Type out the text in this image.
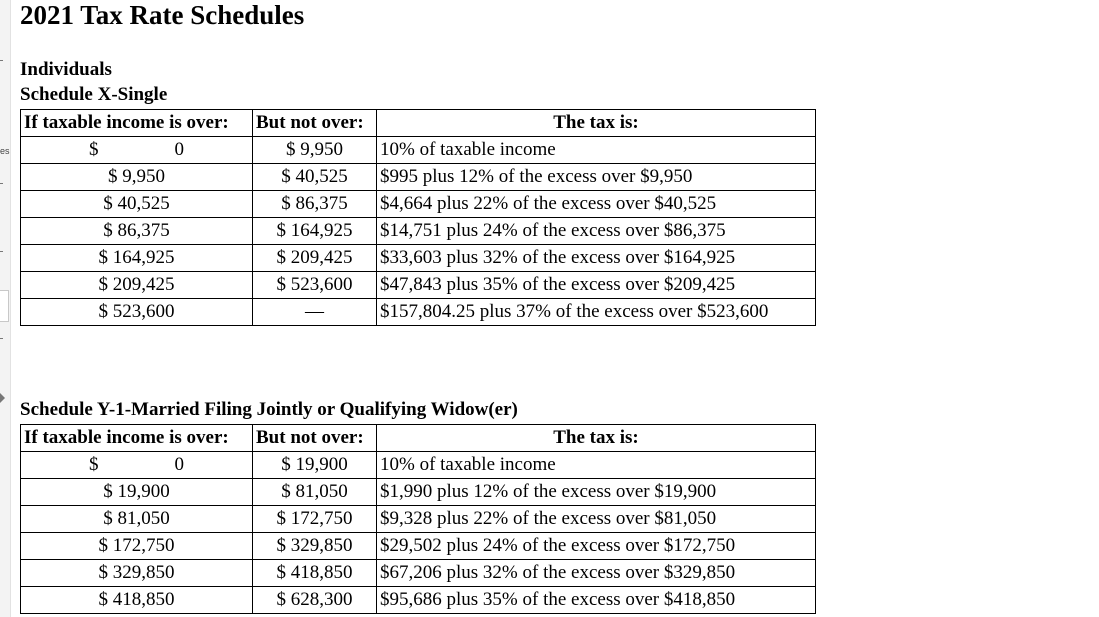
es
2021 Tax Rate Schedules
Individuals
Schedule X-Single
If taxable income is over:	But not over:	The tax is:
$ 0	$ 9,950	10% of taxable income
$ 9,950	$ 40,525	$995 plus 12% of the excess over $9,950
$ 40,525	$ 86,375	$4,664 plus 22% of the excess over $40,525
$ 86,375	$ 164,925	$14,751 plus 24% of the excess over $86,375
$ 164,925	$ 209,425	$33,603 plus 32% of the excess over $164,925
$ 209,425	$ 523,600	$47,843 plus 35% of the excess over $209,425
$ 523,600	—	$157,804.25 plus 37% of the excess over $523,600
Schedule Y-1-Married Filing Jointly or Qualifying Widow(er)
If taxable income is over:	But not over:	The tax is:
$ 0	$ 19,900	10% of taxable income
$ 19,900	$ 81,050	$1,990 plus 12% of the excess over $19,900
$ 81,050	$ 172,750	$9,328 plus 22% of the excess over $81,050
$ 172,750	$ 329,850	$29,502 plus 24% of the excess over $172,750
$ 329,850	$ 418,850	$67,206 plus 32% of the excess over $329,850
$ 418,850	$ 628,300	$95,686 plus 35% of the excess over $418,850
